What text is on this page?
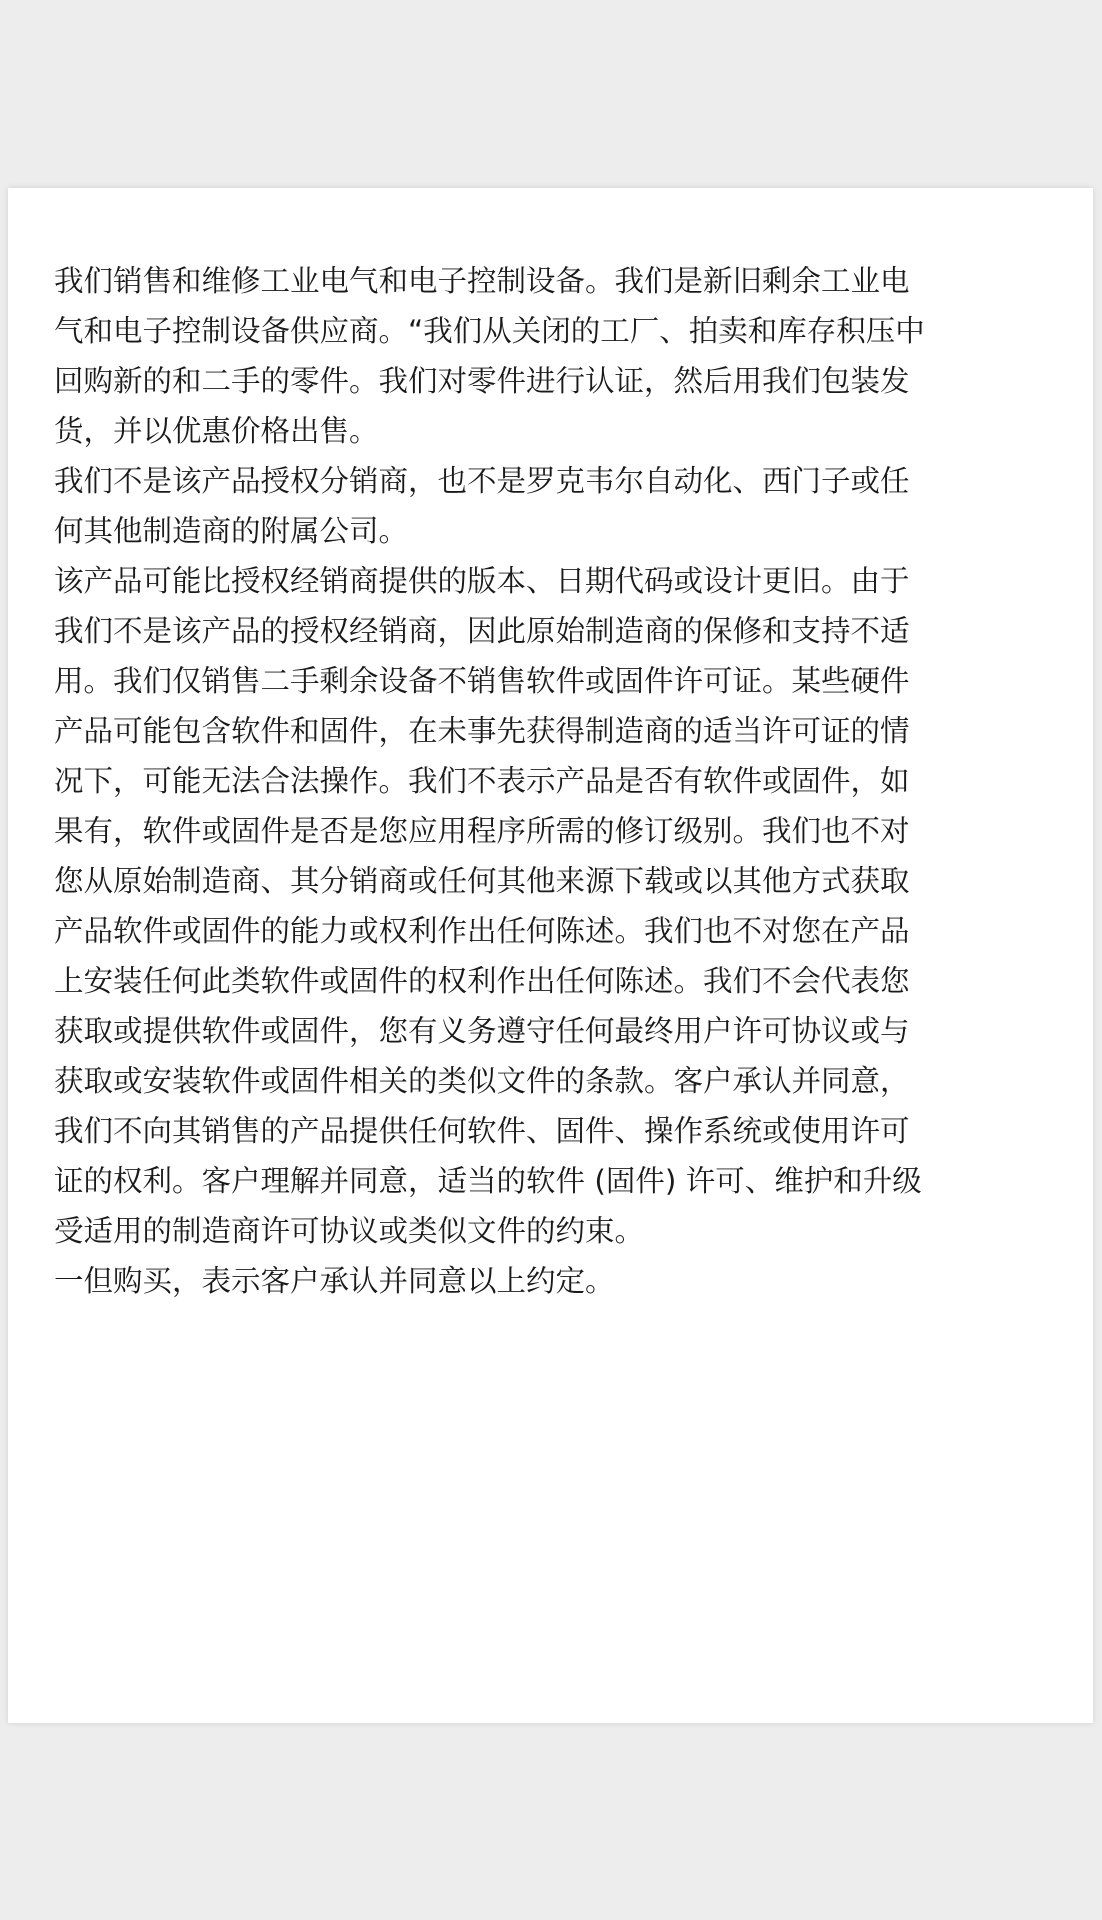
我们销售和维修工业电气和电子控制设备。我们是新旧剩余工业电
气和电子控制设备供应商。“我们从关闭的工厂、拍卖和库存积压中
回购新的和二手的零件。我们对零件进行认证，然后用我们包装发
货，并以优惠价格出售。

我们不是该产品授权分销商，也不是罗克韦尔自动化、西门子或任
何其他制造商的附属公司。

该产品可能比授权经销商提供的版本、日期代码或设计更旧。由于
我们不是该产品的授权经销商，因此原始制造商的保修和支持不适
用。我们仅销售二手剩余设备不销售软件或固件许可证。某些硬件
产品可能包含软件和固件，在未事先获得制造商的适当许可证的情
况下，可能无法合法操作。我们不表示产品是否有软件或固件，如
果有，软件或固件是否是您应用程序所需的修订级别。我们也不对
您从原始制造商、其分销商或任何其他来源下载或以其他方式获取
产品软件或固件的能力或权利作出任何陈述。我们也不对您在产品
上安装任何此类软件或固件的权利作出任何陈述。我们不会代表您
获取或提供软件或固件，您有义务遵守任何最终用户许可协议或与
获取或安装软件或固件相关的类似文件的条款。客户承认并同意，
我们不向其销售的产品提供任何软件、固件、操作系统或使用许可
证的权利。客户理解并同意，适当的软件 (固件) 许可、维护和升级
受适用的制造商许可协议或类似文件的约束。

一但购买，表示客户承认并同意以上约定。
